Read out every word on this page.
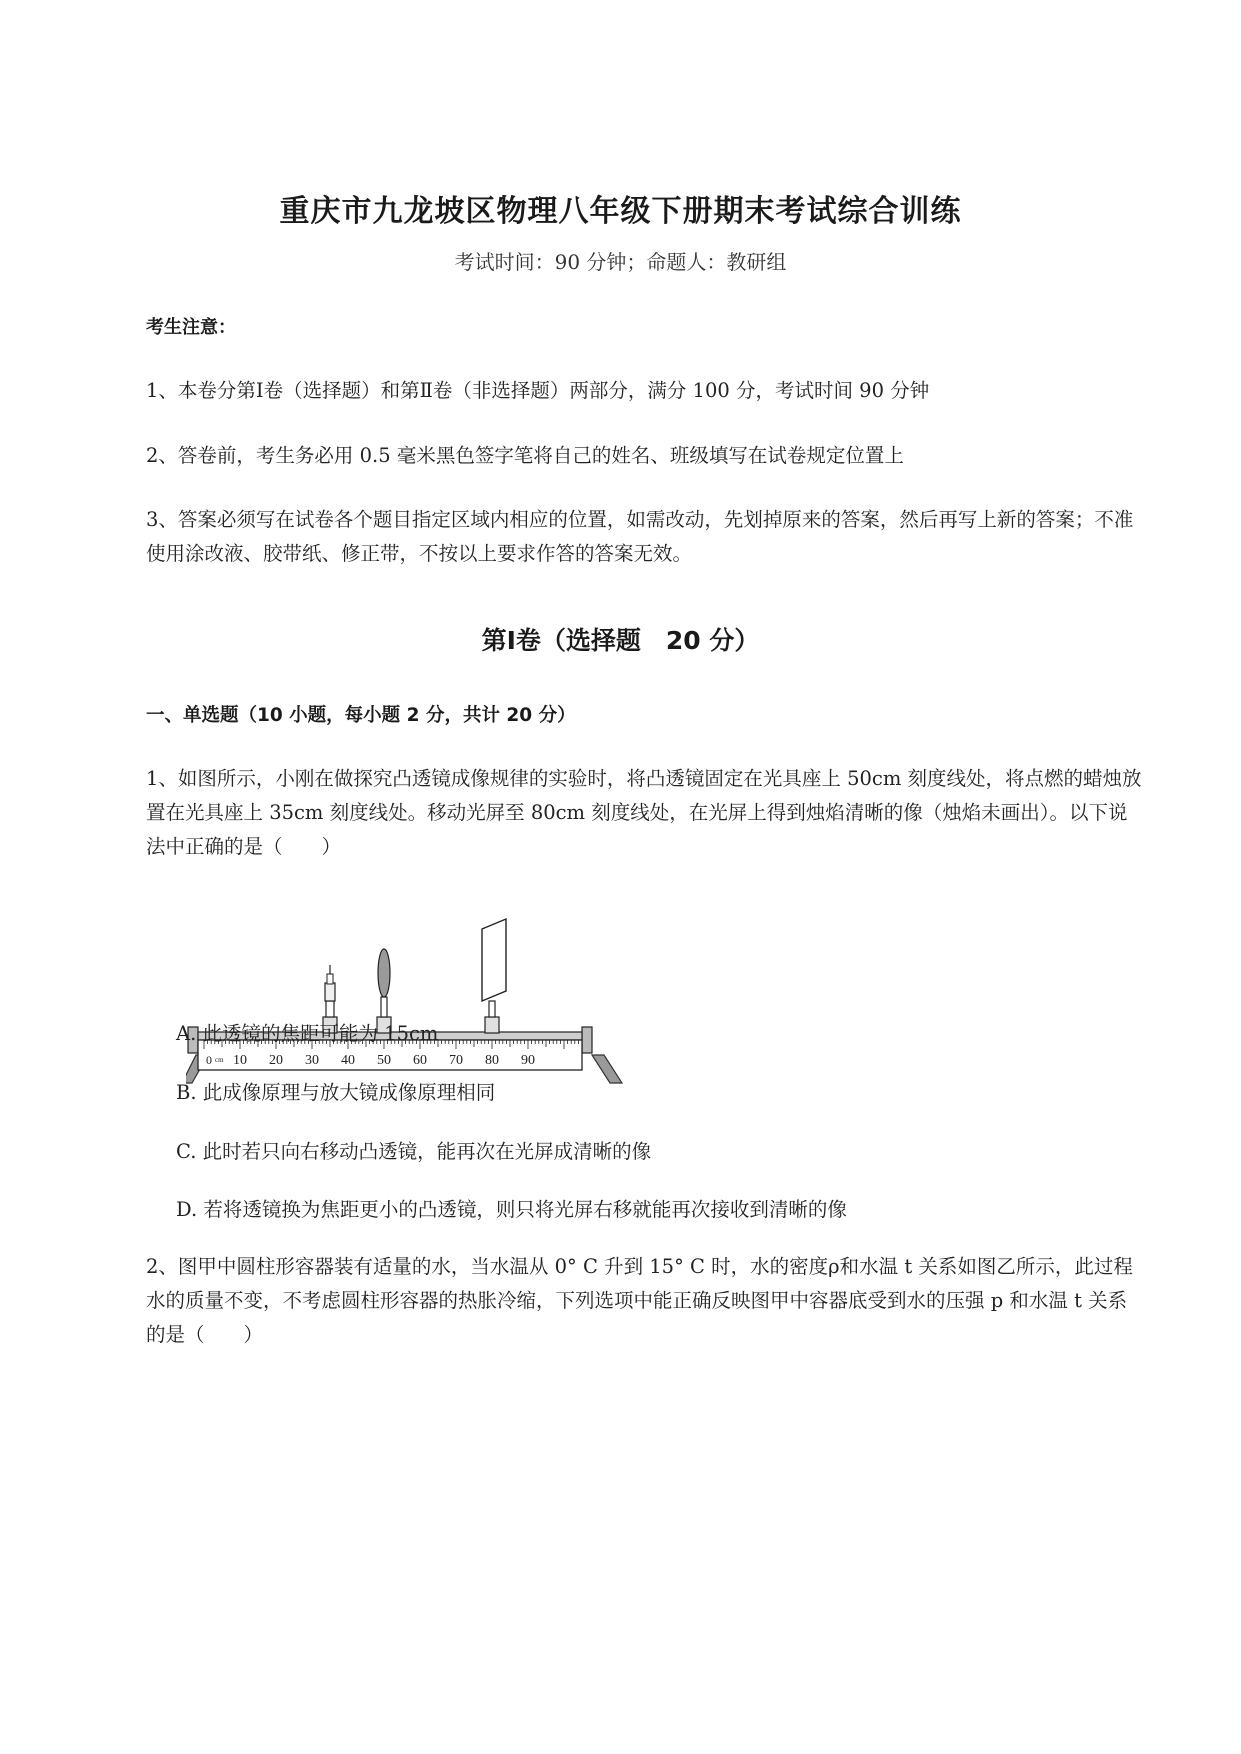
重庆市九龙坡区物理八年级下册期末考试综合训练
考试时间：90 分钟；命题人：教研组
考生注意：
1、本卷分第Ⅰ卷（选择题）和第Ⅱ卷（非选择题）两部分，满分 100 分，考试时间 90 分钟
2、答卷前，考生务必用 0.5 毫米黑色签字笔将自己的姓名、班级填写在试卷规定位置上
3、答案必须写在试卷各个题目指定区域内相应的位置，如需改动，先划掉原来的答案，然后再写上新的答案；不准使用涂改液、胶带纸、修正带，不按以上要求作答的答案无效。
第Ⅰ卷（选择题　20 分）
一、单选题（10 小题，每小题 2 分，共计 20 分）
1、如图所示，小刚在做探究凸透镜成像规律的实验时，将凸透镜固定在光具座上 50cm 刻度线处，将点燃的蜡烛放置在光具座上 35cm 刻度线处。移动光屏至 80cm 刻度线处，在光屏上得到烛焰清晰的像（烛焰未画出）。以下说法中正确的是（　　）
0 10 20 30 40 50 60 70 80 90
cm
A. 此透镜的焦距可能为 15cm
B. 此成像原理与放大镜成像原理相同
C. 此时若只向右移动凸透镜，能再次在光屏成清晰的像
D. 若将透镜换为焦距更小的凸透镜，则只将光屏右移就能再次接收到清晰的像
2、图甲中圆柱形容器装有适量的水，当水温从 0° C 升到 15° C 时，水的密度ρ和水温 t 关系如图乙所示，此过程水的质量不变，不考虑圆柱形容器的热胀冷缩，下列选项中能正确反映图甲中容器底受到水的压强 p 和水温 t 关系的是（　　）
